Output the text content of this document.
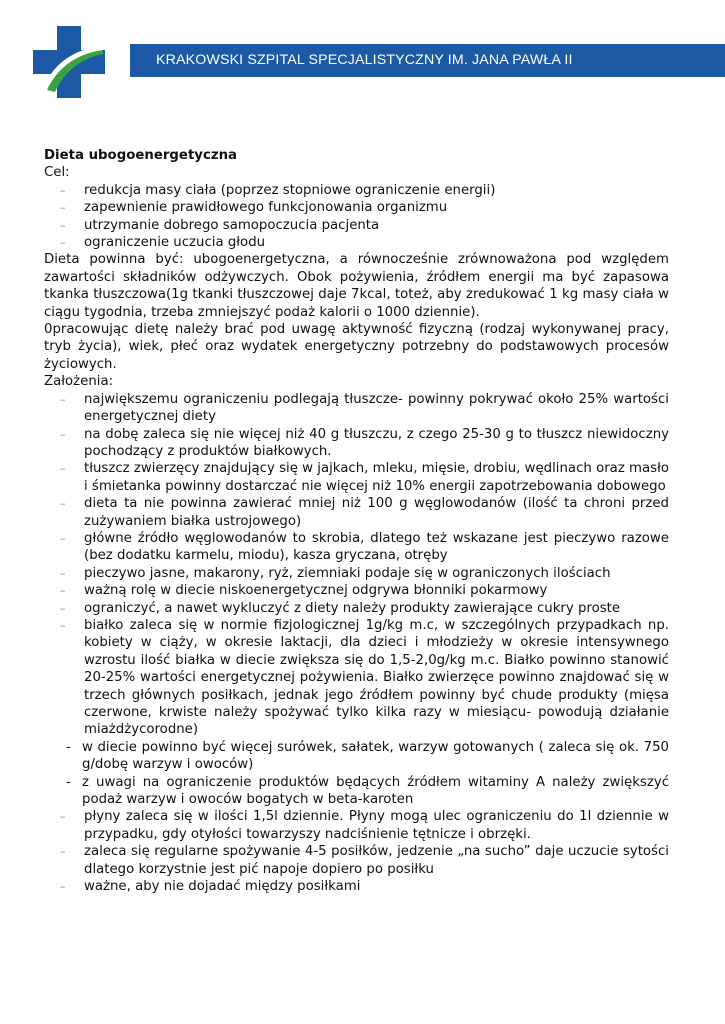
KRAKOWSKI SZPITAL SPECJALISTYCZNY IM. JANA PAWŁA II

Dieta ubogoenergetyczna

Cel:

– redukcja masy ciała (poprzez stopniowe ograniczenie energii)
– zapewnienie prawidłowego funkcjonowania organizmu
– utrzymanie dobrego samopoczucia pacjenta
– ograniczenie uczucia głodu

Dieta powinna być: ubogoenergetyczna, a równocześnie zrównoważona pod względem zawartości składników odżywczych. Obok pożywienia, źródłem energii ma być zapasowa tkanka tłuszczowa(1g tkanki tłuszczowej daje 7kcal, toteż, aby zredukować 1 kg masy ciała w ciągu tygodnia, trzeba zmniejszyć podaż kalorii o 1000 dziennie).

0pracowując dietę należy brać pod uwagę aktywność fizyczną (rodzaj wykonywanej pracy, tryb życia), wiek, płeć oraz wydatek energetyczny potrzebny do podstawowych procesów życiowych.

Założenia:

– największemu ograniczeniu podlegają tłuszcze- powinny pokrywać około 25% wartości energetycznej diety
– na dobę zaleca się nie więcej niż 40 g tłuszczu, z czego 25-30 g to tłuszcz niewidoczny pochodzący z produktów białkowych.
– tłuszcz zwierzęcy znajdujący się w jajkach, mleku, mięsie, drobiu, wędlinach oraz masło i śmietanka powinny dostarczać nie więcej niż 10% energii zapotrzebowania dobowego
– dieta ta nie powinna zawierać mniej niż 100 g węglowodanów (ilość ta chroni przed zużywaniem białka ustrojowego)
– główne źródło węglowodanów to skrobia, dlatego też wskazane jest pieczywo razowe (bez dodatku karmelu, miodu), kasza gryczana, otręby
– pieczywo jasne, makarony, ryż, ziemniaki podaje się w ograniczonych ilościach
– ważną rolę w diecie niskoenergetycznej odgrywa błonniki pokarmowy
– ograniczyć, a nawet wykluczyć z diety należy produkty zawierające cukry proste
– białko zaleca się w normie fizjologicznej 1g/kg m.c, w szczególnych przypadkach np. kobiety w ciąży, w okresie laktacji, dla dzieci i młodzieży w okresie intensywnego wzrostu ilość białka w diecie zwiększa się do 1,5-2,0g/kg m.c. Białko powinno stanowić 20-25% wartości energetycznej pożywienia. Białko zwierzęce powinno znajdować się w trzech głównych posiłkach, jednak jego źródłem powinny być chude produkty (mięsa czerwone, krwiste należy spożywać tylko kilka razy w miesiącu- powodują działanie miażdżycorodne)
- w diecie powinno być więcej surówek, sałatek, warzyw gotowanych ( zaleca się ok. 750 g/dobę warzyw i owoców)
- z uwagi na ograniczenie produktów będących źródłem witaminy A należy zwiększyć podaż warzyw i owoców bogatych w beta-karoten
– płyny zaleca się w ilości 1,5l dziennie. Płyny mogą ulec ograniczeniu do 1l dziennie w przypadku, gdy otyłości towarzyszy nadciśnienie tętnicze i obrzęki.
– zaleca się regularne spożywanie 4-5 posiłków, jedzenie „na sucho” daje uczucie sytości dlatego korzystnie jest pić napoje dopiero po posiłku
– ważne, aby nie dojadać między posiłkami
